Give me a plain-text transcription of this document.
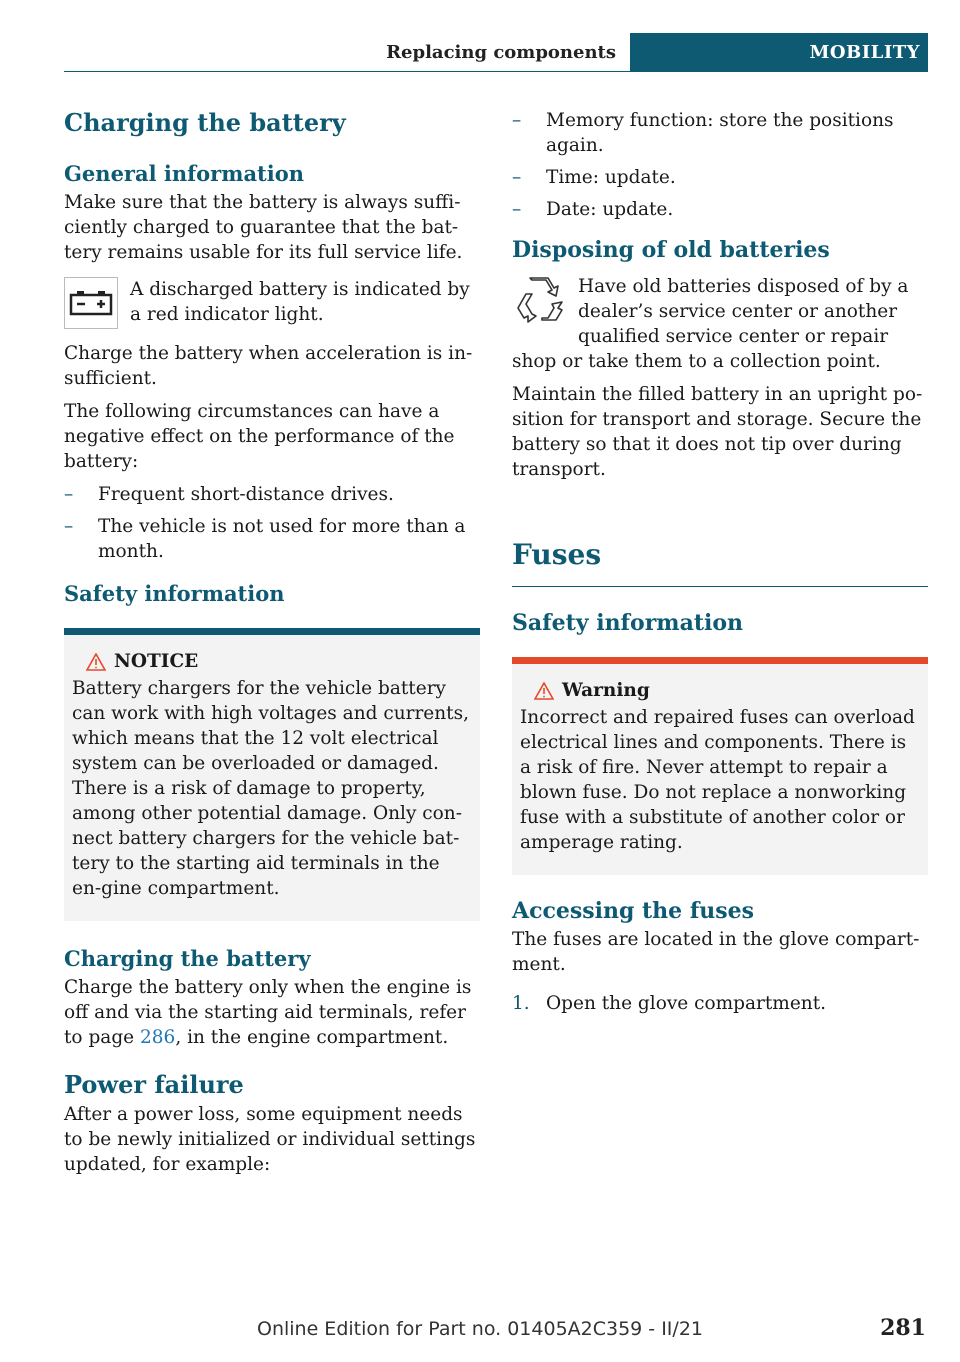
Replacing components	MOBILITY
Charging the battery
General information

Make sure that the battery is always suffi-ciently charged to guarantee that the bat-tery remains usable for its full service life.

A discharged battery is indicated by a red indicator light.

Charge the battery when acceleration is in-sufficient.

The following circumstances can have a negative effect on the performance of the battery:

– Frequent short-distance drives.
– The vehicle is not used for more than a month.
Safety information
NOTICE

Battery chargers for the vehicle battery can work with high voltages and currents, which means that the 12 volt electrical system can be overloaded or damaged. There is a risk of damage to property, among other potential damage. Only con-nect battery chargers for the vehicle bat-tery to the starting aid terminals in the en-gine compartment.

Charging the battery

Charge the battery only when the engine is off and via the starting aid terminals, refer to page 286, in the engine compartment.

Power failure

After a power loss, some equipment needs to be newly initialized or individual settings updated, for example:

– Memory function: store the positions again.
– Time: update.
– Date: update.
Disposing of old batteries

Have old batteries disposed of by a dealer’s service center or another qualified service center or repair shop or take them to a collection point.

Maintain the filled battery in an upright po-sition for transport and storage. Secure the battery so that it does not tip over during transport.

Fuses
Safety information
Warning

Incorrect and repaired fuses can overload electrical lines and components. There is a risk of fire. Never attempt to repair a blown fuse. Do not replace a nonworking fuse with a substitute of another color or amperage rating.

Accessing the fuses

The fuses are located in the glove compart-ment.

1. Open the glove compartment.
Online Edition for Part no. 01405A2C359 - II/21	281
